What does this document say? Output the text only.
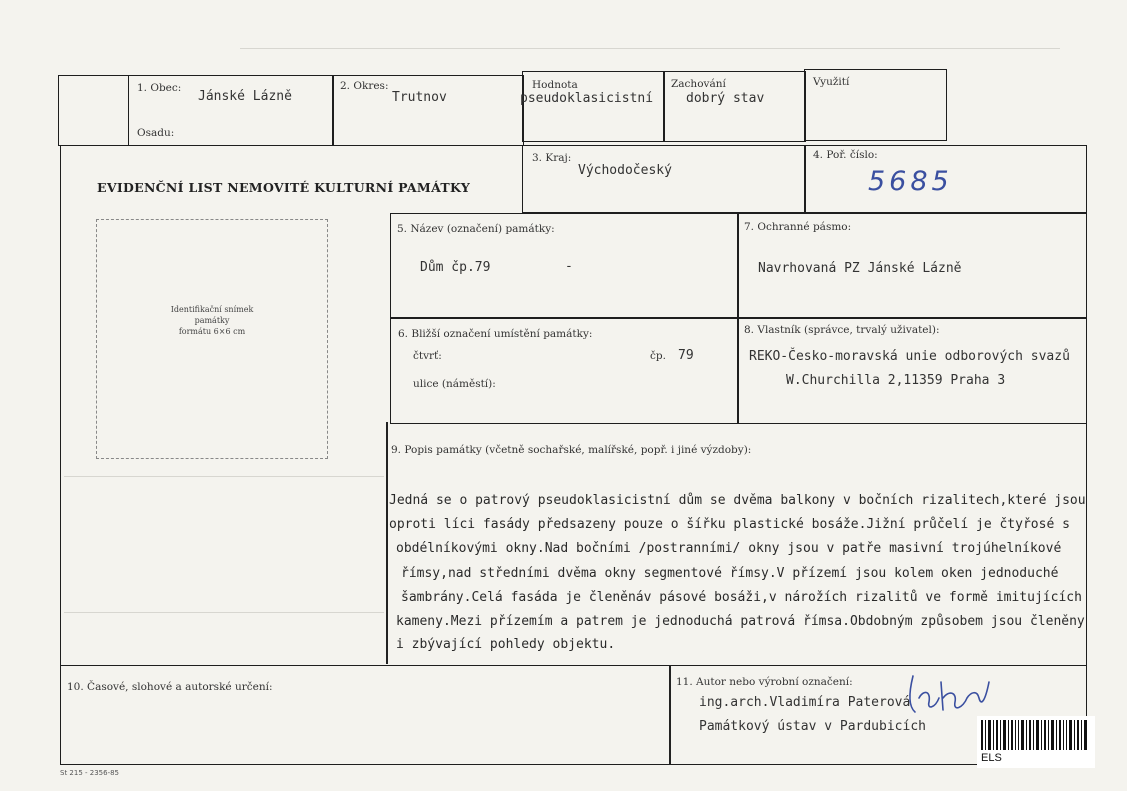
1. Obec:
Jánské Lázně
Osadu:
2. Okres:
Trutnov
Hodnota
pseudoklasicistní
Zachování
dobrý stav
Využití
EVIDENČNÍ LIST NEMOVITÉ KULTURNÍ PAMÁTKY
3. Kraj:
Východočeský
4. Poř. číslo:
5685
Identifikační snímek
památky
formátu 6×6 cm
5. Název (označení) památky:
Dům čp.79	-
7. Ochranné pásmo:
Navrhovaná PZ Jánské Lázně
6. Bližší označení umístění památky:
čtvrť:	čp. 79
ulice (náměstí):
8. Vlastník (správce, trvalý uživatel):
REKO-Česko-moravská unie odborových svazů
W.Churchilla 2,11359 Praha 3
9. Popis památky (včetně sochařské, malířské, popř. i jiné výzdoby):
Jedná se o patrový pseudoklasicistní dům se dvěma balkony v bočních rizalitech,které jsou
oproti líci fasády předsazeny pouze o šířku plastické bosáže.Jižní průčelí je čtyřosé s
obdélníkovými okny.Nad bočními /postranními/ okny jsou v patře masivní trojúhelníkové
římsy,nad středními dvěma okny segmentové římsy.V přízemí jsou kolem oken jednoduché
šambrány.Celá fasáda je členěnáv pásové bosáži,v nárožích rizalitů ve formě imitujících
kameny.Mezi přízemím a patrem je jednoduchá patrová římsa.Obdobným způsobem jsou členěny
i zbývající pohledy objektu.
10. Časové, slohové a autorské určení:	11. Autor nebo výrobní označení:
ing.arch.Vladimíra Paterová
Památkový ústav v Pardubicích
ELS
St 215 - 2356-85
